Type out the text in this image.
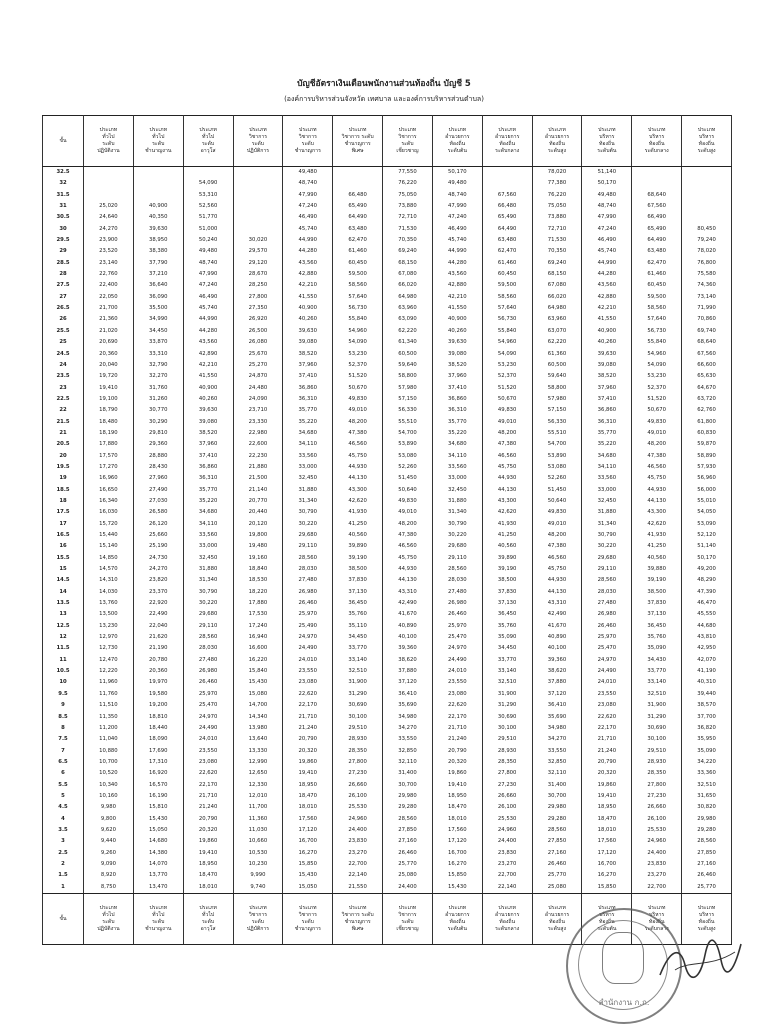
บัญชีอัตราเงินเดือนพนักงานส่วนท้องถิ่น บัญชี 5
(องค์การบริหารส่วนจังหวัด เทศบาล และองค์การบริหารส่วนตำบล)
ขั้น	ประเภท
ทั่วไป
ระดับ
ปฏิบัติงาน	ประเภท
ทั่วไป
ระดับ
ชำนาญงาน	ประเภท
ทั่วไป
ระดับ
อาวุโส	ประเภท
วิชาการ
ระดับ
ปฏิบัติการ	ประเภท
วิชาการ
ระดับ
ชำนาญการ	ประเภท
วิชาการ ระดับ
ชำนาญการ
พิเศษ	ประเภท
วิชาการ
ระดับ
เชี่ยวชาญ	ประเภท
อำนวยการ
ท้องถิ่น
ระดับต้น	ประเภท
อำนวยการ
ท้องถิ่น
ระดับกลาง	ประเภท
อำนวยการ
ท้องถิ่น
ระดับสูง	ประเภท
บริหาร
ท้องถิ่น
ระดับต้น	ประเภท
บริหาร
ท้องถิ่น
ระดับกลาง	ประเภท
บริหาร
ท้องถิ่น
ระดับสูง

32.5					49,480		77,550	50,170		78,020	51,140		
32			54,090		48,740		76,220	49,480		77,380	50,170		
31.5			53,310		47,990	66,480	75,050	48,740	67,560	76,220	49,480	68,640	
31	25,020	40,900	52,560		47,240	65,490	73,880	47,990	66,480	75,050	48,740	67,560	
30.5	24,640	40,350	51,770		46,490	64,490	72,710	47,240	65,490	73,880	47,990	66,490	
30	24,270	39,630	51,000		45,740	63,480	71,530	46,490	64,490	72,710	47,240	65,490	80,450
29.5	23,900	38,950	50,240	30,020	44,990	62,470	70,350	45,740	63,480	71,530	46,490	64,490	79,240
29	23,520	38,380	49,480	29,570	44,280	61,460	69,240	44,990	62,470	70,350	45,740	63,480	78,020
28.5	23,140	37,790	48,740	29,120	43,560	60,450	68,150	44,280	61,460	69,240	44,990	62,470	76,800
28	22,760	37,210	47,990	28,670	42,880	59,500	67,080	43,560	60,450	68,150	44,280	61,460	75,580
27.5	22,400	36,640	47,240	28,250	42,210	58,560	66,020	42,880	59,500	67,080	43,560	60,450	74,360
27	22,050	36,090	46,490	27,800	41,550	57,640	64,980	42,210	58,560	66,020	42,880	59,500	73,140
26.5	21,700	35,500	45,740	27,350	40,900	56,730	63,960	41,550	57,640	64,980	42,210	58,560	71,990
26	21,360	34,990	44,990	26,920	40,260	55,840	63,090	40,900	56,730	63,960	41,550	57,640	70,860
25.5	21,020	34,450	44,280	26,500	39,630	54,960	62,220	40,260	55,840	63,070	40,900	56,730	69,740
25	20,690	33,870	43,560	26,080	39,080	54,090	61,340	39,630	54,960	62,220	40,260	55,840	68,640
24.5	20,360	33,310	42,890	25,670	38,520	53,230	60,500	39,080	54,090	61,360	39,630	54,960	67,560
24	20,040	32,790	42,210	25,270	37,960	52,370	59,640	38,520	53,230	60,500	39,080	54,090	66,600
23.5	19,720	32,270	41,550	24,870	37,410	51,520	58,800	37,960	52,370	59,640	38,520	53,230	65,630
23	19,410	31,760	40,900	24,480	36,860	50,670	57,980	37,410	51,520	58,800	37,960	52,370	64,670
22.5	19,100	31,260	40,260	24,090	36,310	49,830	57,150	36,860	50,670	57,980	37,410	51,520	63,720
22	18,790	30,770	39,630	23,710	35,770	49,010	56,330	36,310	49,830	57,150	36,860	50,670	62,760
21.5	18,480	30,290	39,080	23,330	35,220	48,200	55,510	35,770	49,010	56,330	36,310	49,830	61,800
21	18,190	29,810	38,520	22,980	34,680	47,380	54,700	35,220	48,200	55,510	35,770	49,010	60,830
20.5	17,880	29,360	37,960	22,600	34,110	46,560	53,890	34,680	47,380	54,700	35,220	48,200	59,870
20	17,570	28,880	37,410	22,230	33,560	45,750	53,080	34,110	46,560	53,890	34,680	47,380	58,890
19.5	17,270	28,430	36,860	21,880	33,000	44,930	52,260	33,560	45,750	53,080	34,110	46,560	57,930
19	16,960	27,960	36,310	21,500	32,450	44,130	51,450	33,000	44,930	52,260	33,560	45,750	56,960
18.5	16,650	27,490	35,770	21,140	31,880	43,300	50,640	32,450	44,130	51,450	33,000	44,930	56,000
18	16,340	27,030	35,220	20,770	31,340	42,620	49,830	31,880	43,300	50,640	32,450	44,130	55,010
17.5	16,030	26,580	34,680	20,440	30,790	41,930	49,010	31,340	42,620	49,830	31,880	43,300	54,050
17	15,720	26,120	34,110	20,120	30,220	41,250	48,200	30,790	41,930	49,010	31,340	42,620	53,090
16.5	15,440	25,660	33,560	19,800	29,680	40,560	47,380	30,220	41,250	48,200	30,790	41,930	52,120
16	15,140	25,190	33,000	19,480	29,110	39,890	46,560	29,680	40,560	47,380	30,220	41,250	51,140
15.5	14,850	24,730	32,450	19,160	28,560	39,190	45,750	29,110	39,890	46,560	29,680	40,560	50,170
15	14,570	24,270	31,880	18,840	28,030	38,500	44,930	28,560	39,190	45,750	29,110	39,880	49,200
14.5	14,310	23,820	31,340	18,530	27,480	37,830	44,130	28,030	38,500	44,930	28,560	39,190	48,290
14	14,030	23,370	30,790	18,220	26,980	37,130	43,310	27,480	37,830	44,130	28,030	38,500	47,390
13.5	13,760	22,920	30,220	17,880	26,460	36,450	42,490	26,980	37,130	43,310	27,480	37,830	46,470
13	13,500	22,490	29,680	17,530	25,970	35,760	41,670	26,460	36,450	42,490	26,980	37,130	45,550
12.5	13,230	22,040	29,110	17,240	25,490	35,110	40,890	25,970	35,760	41,670	26,460	36,450	44,680
12	12,970	21,620	28,560	16,940	24,970	34,450	40,100	25,470	35,090	40,890	25,970	35,760	43,810
11.5	12,730	21,190	28,030	16,600	24,490	33,770	39,360	24,970	34,450	40,100	25,470	35,090	42,950
11	12,470	20,780	27,480	16,220	24,010	33,140	38,620	24,490	33,770	39,360	24,970	34,430	42,070
10.5	12,220	20,360	26,980	15,840	23,550	32,510	37,880	24,010	33,140	38,620	24,490	33,770	41,190
10	11,960	19,970	26,460	15,430	23,080	31,900	37,120	23,550	32,510	37,880	24,010	33,140	40,310
9.5	11,760	19,580	25,970	15,080	22,620	31,290	36,410	23,080	31,900	37,120	23,550	32,510	39,440
9	11,510	19,200	25,470	14,700	22,170	30,690	35,690	22,620	31,290	36,410	23,080	31,900	38,570
8.5	11,350	18,810	24,970	14,340	21,710	30,100	34,980	22,170	30,690	35,690	22,620	31,290	37,700
8	11,200	18,440	24,490	13,980	21,240	29,510	34,270	21,710	30,100	34,980	22,170	30,690	36,820
7.5	11,040	18,090	24,010	13,640	20,790	28,930	33,550	21,240	29,510	34,270	21,710	30,100	35,950
7	10,880	17,690	23,550	13,330	20,320	28,350	32,850	20,790	28,930	33,550	21,240	29,510	35,090
6.5	10,700	17,310	23,080	12,990	19,860	27,800	32,110	20,320	28,350	32,850	20,790	28,930	34,220
6	10,520	16,920	22,620	12,650	19,410	27,230	31,400	19,860	27,800	32,110	20,320	28,350	33,360
5.5	10,340	16,570	22,170	12,330	18,950	26,660	30,700	19,410	27,230	31,400	19,860	27,800	32,510
5	10,160	16,190	21,710	12,010	18,470	26,100	29,980	18,950	26,660	30,700	19,410	27,230	31,650
4.5	9,980	15,810	21,240	11,700	18,010	25,530	29,280	18,470	26,100	29,980	18,950	26,660	30,820
4	9,800	15,430	20,790	11,360	17,560	24,960	28,560	18,010	25,530	29,280	18,470	26,100	29,980
3.5	9,620	15,050	20,320	11,030	17,120	24,400	27,850	17,560	24,960	28,560	18,010	25,530	29,280
3	9,440	14,680	19,860	10,660	16,700	23,830	27,160	17,120	24,400	27,850	17,560	24,960	28,560
2.5	9,260	14,380	19,410	10,530	16,270	23,270	26,460	16,700	23,830	27,160	17,120	24,400	27,850
2	9,090	14,070	18,950	10,230	15,850	22,700	25,770	16,270	23,270	26,460	16,700	23,830	27,160
1.5	8,920	13,770	18,470	9,990	15,430	22,140	25,080	15,850	22,700	25,770	16,270	23,270	26,460
1	8,750	13,470	18,010	9,740	15,050	21,550	24,400	15,430	22,140	25,080	15,850	22,700	25,770

ขั้น	ประเภท
ทั่วไป
ระดับ
ปฏิบัติงาน	ประเภท
ทั่วไป
ระดับ
ชำนาญงาน	ประเภท
ทั่วไป
ระดับ
อาวุโส	ประเภท
วิชาการ
ระดับ
ปฏิบัติการ	ประเภท
วิชาการ
ระดับ
ชำนาญการ	ประเภท
วิชาการ ระดับ
ชำนาญการ
พิเศษ	ประเภท
วิชาการ
ระดับ
เชี่ยวชาญ	ประเภท
อำนวยการ
ท้องถิ่น
ระดับต้น	ประเภท
อำนวยการ
ท้องถิ่น
ระดับกลาง	ประเภท
อำนวยการ
ท้องถิ่น
ระดับสูง	ประเภท
บริหาร
ท้องถิ่น
ระดับต้น	ประเภท
บริหาร
ท้องถิ่น
ระดับกลาง	ประเภท
บริหาร
ท้องถิ่น
ระดับสูง
สำนักงาน ก.ถ.
